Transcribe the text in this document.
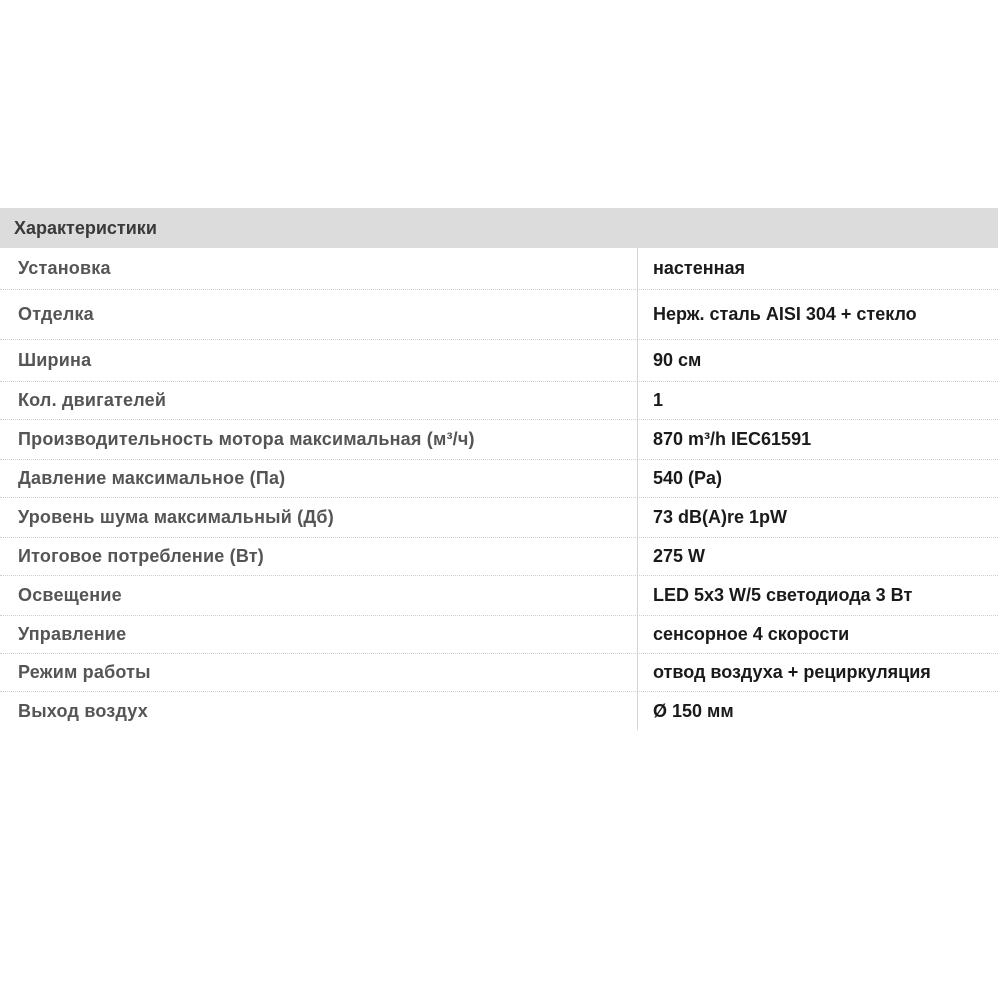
Характеристики
Установка	настенная
Отделка	Нерж. сталь AISI 304 + стекло
Ширина	90 см
Кол. двигателей	1
Производительность мотора максимальная (м³/ч)	870 m³/h IEC61591
Давление максимальное (Па)	540 (Pa)
Уровень шума максимальный (Дб)	73 dB(A)re 1pW
Итоговое потребление (Вт)	275 W
Освещение	LED 5x3 W/5 светодиода 3 Вт
Управление	сенсорное 4 скорости
Режим работы	отвод воздуха + рециркуляция
Выход воздух	Ø 150 мм
